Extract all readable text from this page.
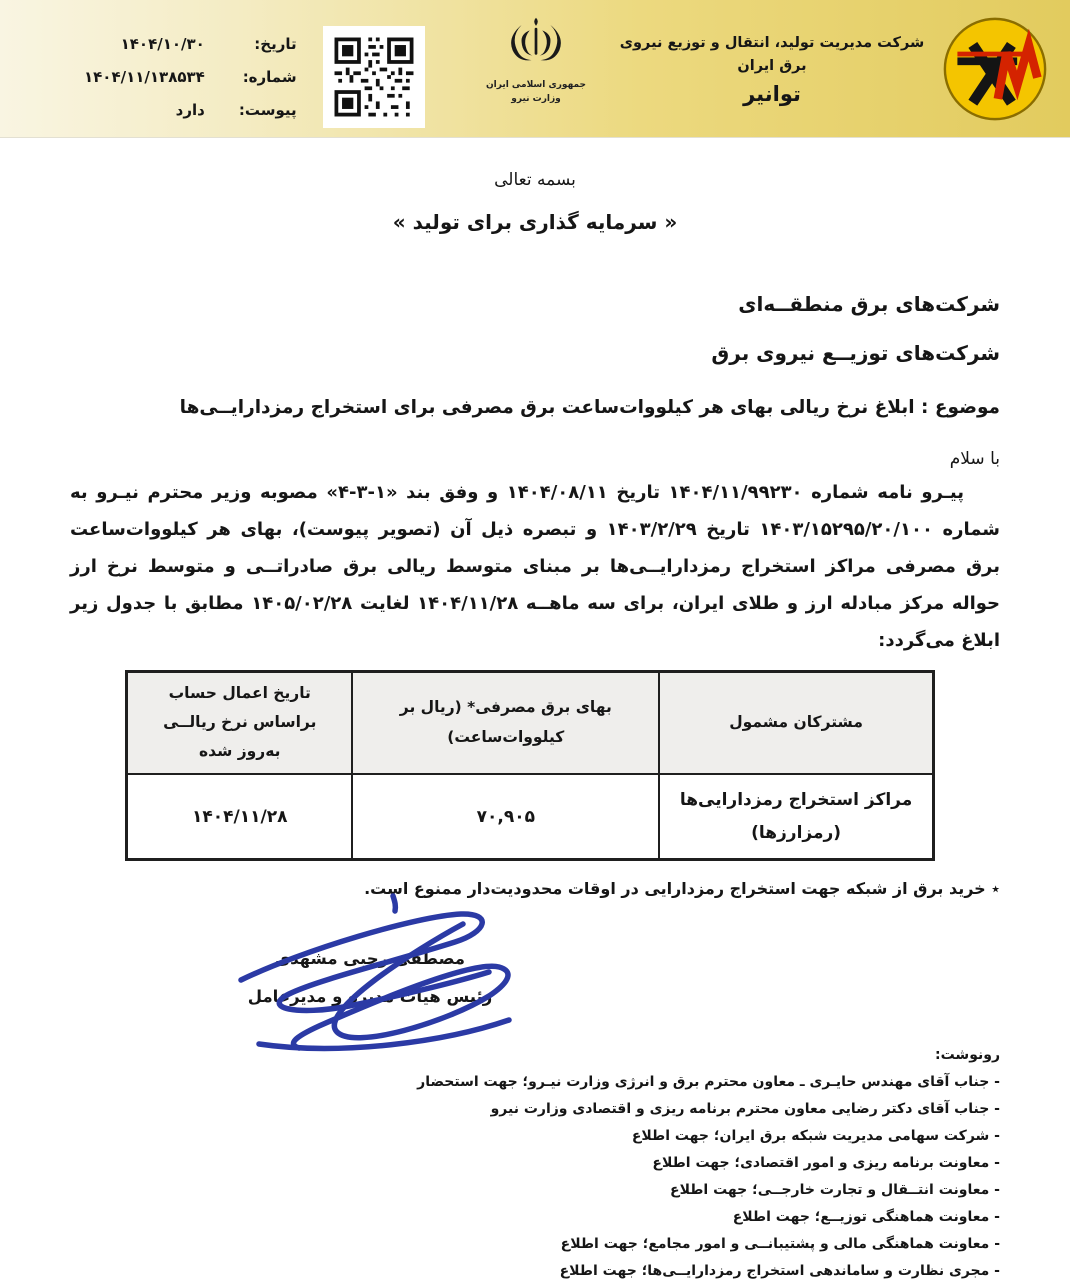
شرکت مدیریت تولید، انتقال و توزیع نیروی برق ایران
توانیر
جمهوری اسلامی ایران
وزارت نیرو
تاریخ:
۱۴۰۴/۱۰/۳۰
شماره:
۱۴۰۴/۱۱/۱۳۸۵۳۴
پیوست:
دارد
بسمه تعالی
« سرمایه گذاری برای تولید »
شرکت‌های برق منطقــه‌ای
شرکت‌های توزیــع نیروی برق
موضوع : ابلاغ نرخ ریالی بهای هر کیلووات‌ساعت برق مصرفی برای استخراج رمزدارایــی‌ها
با سلام

پیـرو نامه شماره ۱۴۰۴/۱۱/۹۹۲۳۰ تاریخ ۱۴۰۴/۰۸/۱۱ و وفق بند «۱-۳-۴» مصوبه وزیر محترم نیـرو به شماره ۱۴۰۳/۱۵۲۹۵/۲۰/۱۰۰ تاریخ ۱۴۰۳/۲/۲۹ و تبصره ذیل آن (تصویر پیوست)، بهای هر کیلووات‌ساعت برق مصرفی مراکز استخراج رمزدارایــی‌ها بر مبنای متوسط ریالی برق صادراتــی و متوسط نرخ ارز حواله مرکز مبادله ارز و طلای ایران، برای سه ماهــه ۱۴۰۴/۱۱/۲۸ لغایت ۱۴۰۵/۰۲/۲۸ مطابق با جدول زیر ابلاغ می‌گردد:

مشترکان مشمول	بهای برق مصرفی* (ریال بر کیلووات‌ساعت)	تاریخ اعمال حساب براساس نرخ ریالــی به‌روز شده
مراکز استخراج رمزدارایی‌ها (رمزارزها)	۷۰,۹۰۵	۱۴۰۴/۱۱/۲۸
٭ خرید برق از شبکه جهت استخراج رمزدارایی در اوقات محدودیت‌دار ممنوع است.
مصطفی رجبی مشهدی
رئیس هیأت مدیره و مدیرعامل
رونوشت:
- جناب آقای مهندس حایـری ـ معاون محترم برق و انرژی وزارت نیـرو؛ جهت استحضار
- جناب آقای دکتر رضایی معاون محترم برنامه ریزی و اقتصادی وزارت نیرو
- شرکت سهامی مدیریت شبکه برق ایران؛ جهت اطلاع
- معاونت برنامه ریزی و امور اقتصادی؛ جهت اطلاع
- معاونت انتــقال و تجارت خارجــی؛ جهت اطلاع
- معاونت هماهنگی توزیــع؛ جهت اطلاع
- معاونت هماهنگی مالی و پشتیبانــی و امور مجامع؛ جهت اطلاع
- مجری نظارت و ساماندهی استخراج رمزدارایــی‌ها؛ جهت اطلاع
